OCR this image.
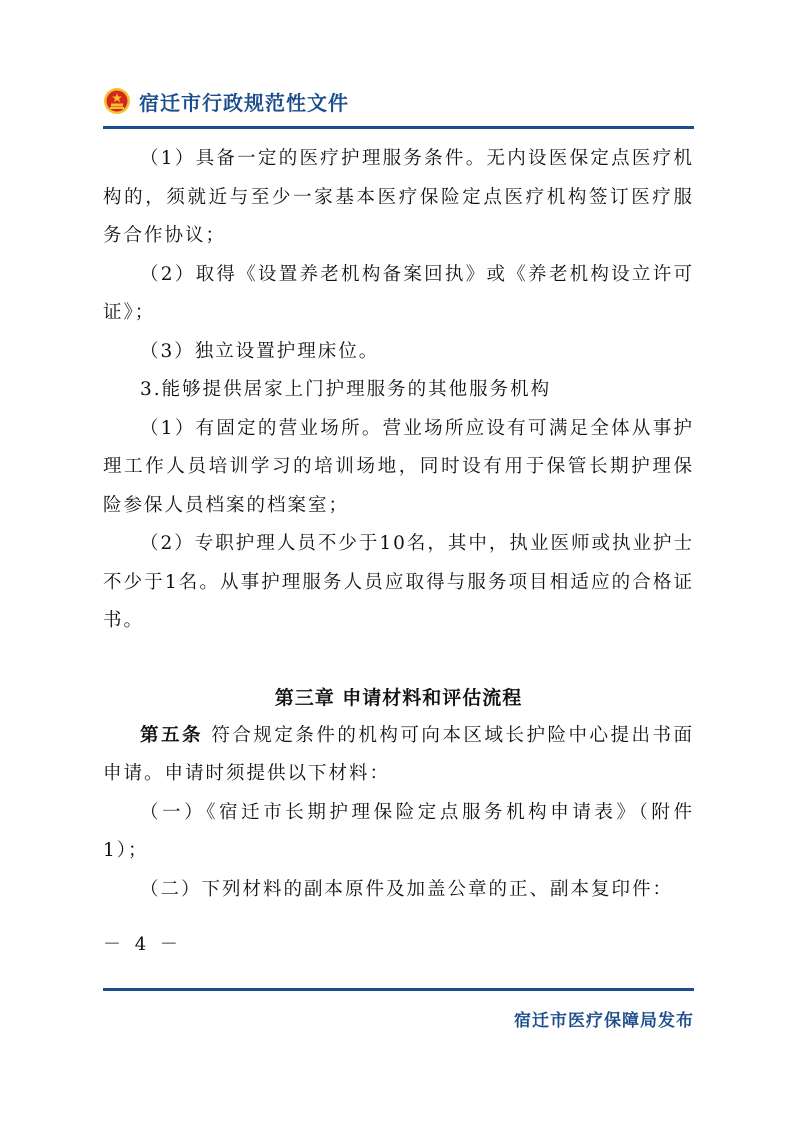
宿迁市行政规范性文件

（1）具备一定的医疗护理服务条件。无内设医保定点医疗机构的，须就近与至少一家基本医疗保险定点医疗机构签订医疗服务合作协议；

（2）取得《设置养老机构备案回执》或《养老机构设立许可证》；

（3）独立设置护理床位。

3.能够提供居家上门护理服务的其他服务机构

（1）有固定的营业场所。营业场所应设有可满足全体从事护理工作人员培训学习的培训场地，同时设有用于保管长期护理保险参保人员档案的档案室；

（2）专职护理人员不少于10名，其中，执业医师或执业护士不少于1名。从事护理服务人员应取得与服务项目相适应的合格证书。

第三章 申请材料和评估流程

第五条 符合规定条件的机构可向本区域长护险中心提出书面申请。申请时须提供以下材料：

（一）《宿迁市长期护理保险定点服务机构申请表》（附件1）；

（二）下列材料的副本原件及加盖公章的正、副本复印件：

－ 4 －
宿迁市医疗保障局发布
